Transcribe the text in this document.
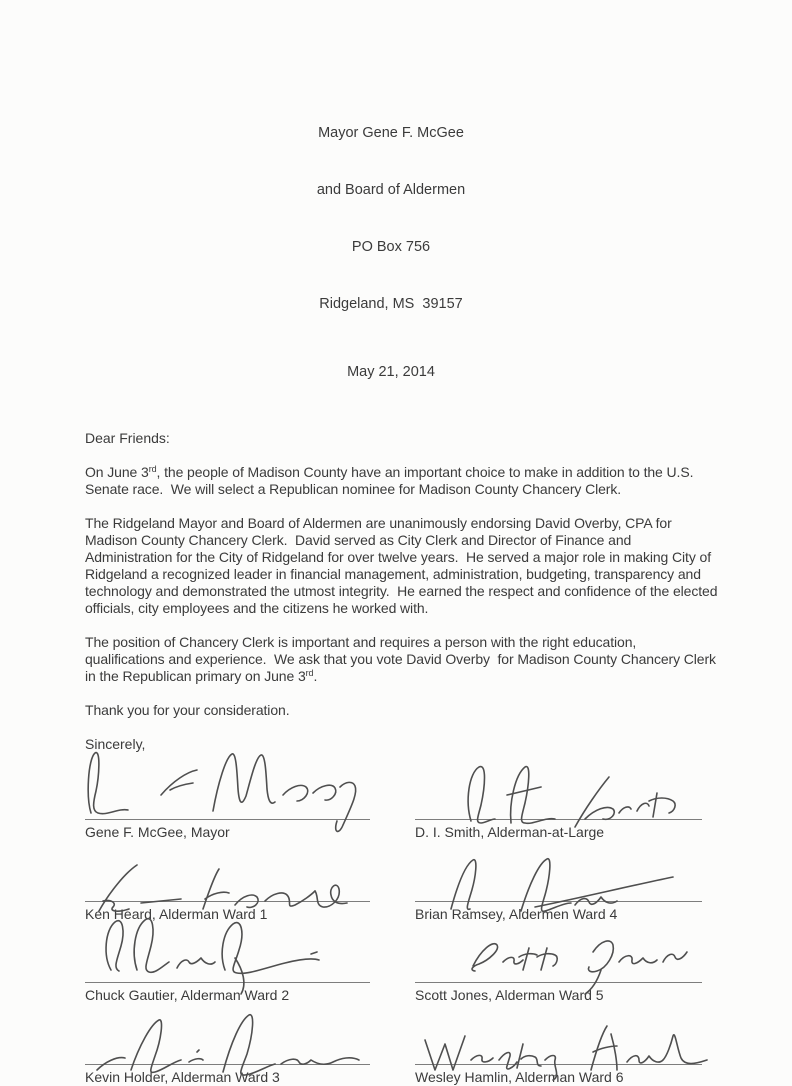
Mayor Gene F. McGee

and Board of Aldermen

PO Box 756

Ridgeland, MS  39157

May 21, 2014
Dear Friends:

On June 3rd, the people of Madison County have an important choice to make in addition to the U.S. Senate race.  We will select a Republican nominee for Madison County Chancery Clerk.

The Ridgeland Mayor and Board of Aldermen are unanimously endorsing David Overby, CPA for Madison County Chancery Clerk.  David served as City Clerk and Director of Finance and Administration for the City of Ridgeland for over twelve years.  He served a major role in making City of Ridgeland a recognized leader in financial management, administration, budgeting, transparency and technology and demonstrated the utmost integrity.  He earned the respect and confidence of the elected officials, city employees and the citizens he worked with.

The position of Chancery Clerk is important and requires a person with the right education, qualifications and experience.  We ask that you vote David Overby  for Madison County Chancery Clerk in the Republican primary on June 3rd.

Thank you for your consideration.

Sincerely,
Gene F. McGee, Mayor	D. I. Smith, Alderman-at-Large
Ken Heard, Alderman Ward 1	Brian Ramsey, Aldermen Ward 4
Chuck Gautier, Alderman Ward 2	Scott Jones, Alderman Ward 5
Kevin Holder, Alderman Ward 3	Wesley Hamlin, Alderman Ward 6
